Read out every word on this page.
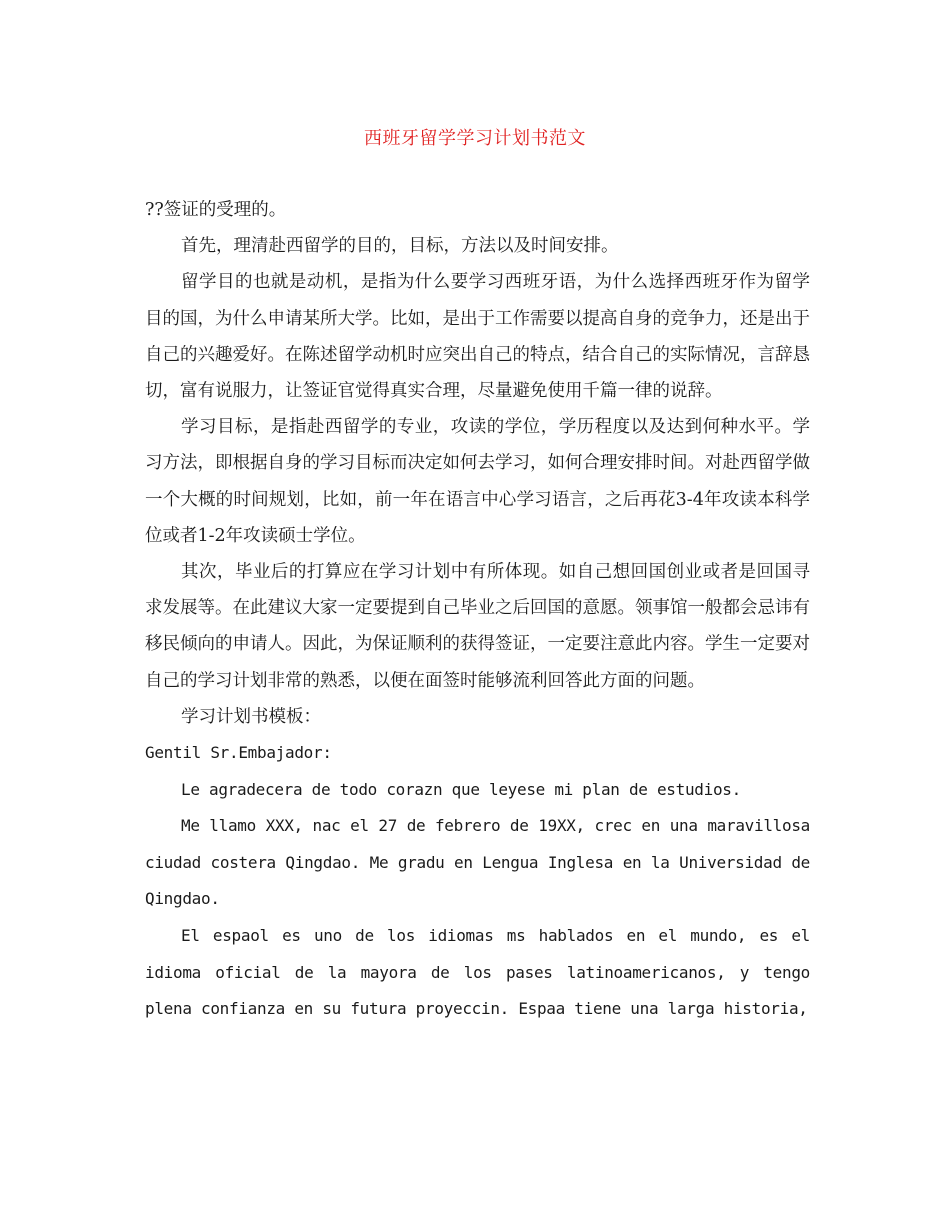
西班牙留学学习计划书范文

??签证的受理的。

首先，理清赴西留学的目的，目标，方法以及时间安排。

留学目的也就是动机，是指为什么要学习西班牙语，为什么选择西班牙作为留学目的国，为什么申请某所大学。比如，是出于工作需要以提高自身的竞争力，还是出于自己的兴趣爱好。在陈述留学动机时应突出自己的特点，结合自己的实际情况，言辞恳切，富有说服力，让签证官觉得真实合理，尽量避免使用千篇一律的说辞。

学习目标，是指赴西留学的专业，攻读的学位，学历程度以及达到何种水平。学习方法，即根据自身的学习目标而决定如何去学习，如何合理安排时间。对赴西留学做一个大概的时间规划，比如，前一年在语言中心学习语言，之后再花3-4年攻读本科学位或者1-2年攻读硕士学位。

其次，毕业后的打算应在学习计划中有所体现。如自己想回国创业或者是回国寻求发展等。在此建议大家一定要提到自己毕业之后回国的意愿。领事馆一般都会忌讳有移民倾向的申请人。因此，为保证顺利的获得签证，一定要注意此内容。学生一定要对自己的学习计划非常的熟悉，以便在面签时能够流利回答此方面的问题。

学习计划书模板：

Gentil Sr.Embajador:

Le agradecera de todo corazn que leyese mi plan de estudios.

Me llamo XXX, nac el 27 de febrero de 19XX, crec en una maravillosa ciudad costera Qingdao. Me gradu en Lengua Inglesa en la Universidad de Qingdao.

El espaol es uno de los idiomas ms hablados en el mundo, es el idioma oficial de la mayora de los pases latinoamericanos, y tengo plena confianza en su futura proyeccin. Espaa tiene una larga historia,
